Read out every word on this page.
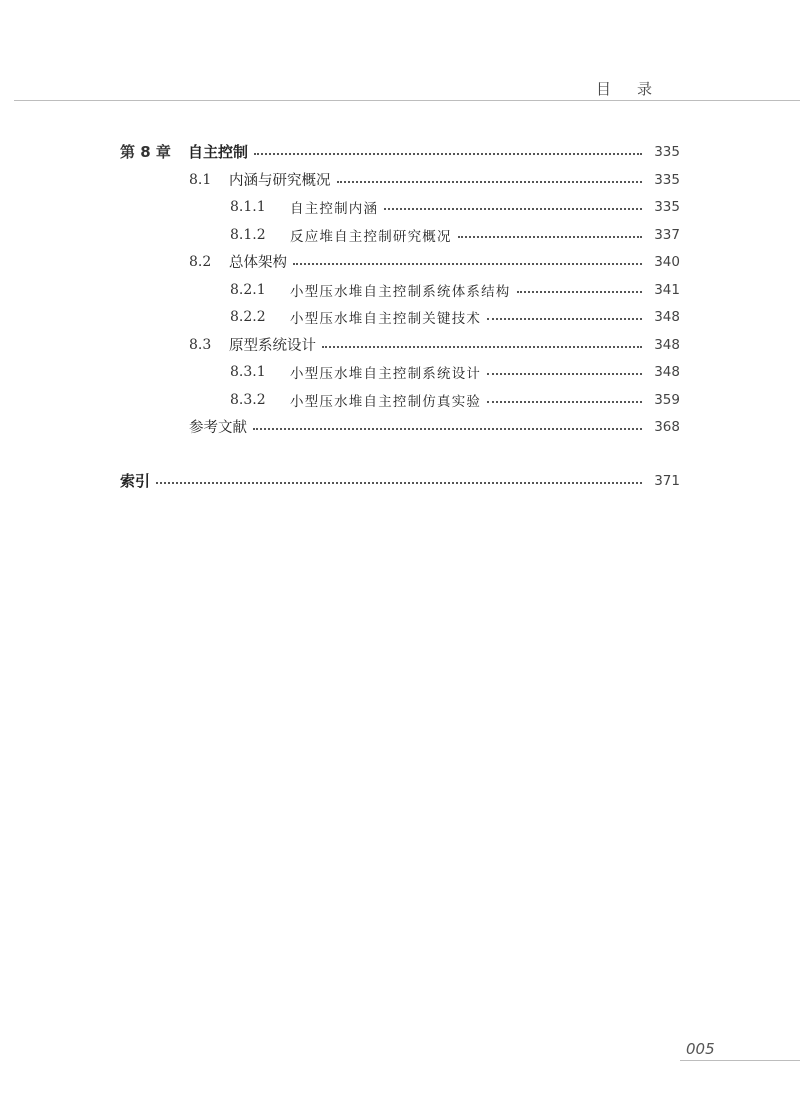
目录
第 8 章	自主控制	335
8.1	内涵与研究概况	335
8.1.1	自主控制内涵	335
8.1.2	反应堆自主控制研究概况	337
8.2	总体架构	340
8.2.1	小型压水堆自主控制系统体系结构	341
8.2.2	小型压水堆自主控制关键技术	348
8.3	原型系统设计	348
8.3.1	小型压水堆自主控制系统设计	348
8.3.2	小型压水堆自主控制仿真实验	359
参考文献	368
索引	371
005
